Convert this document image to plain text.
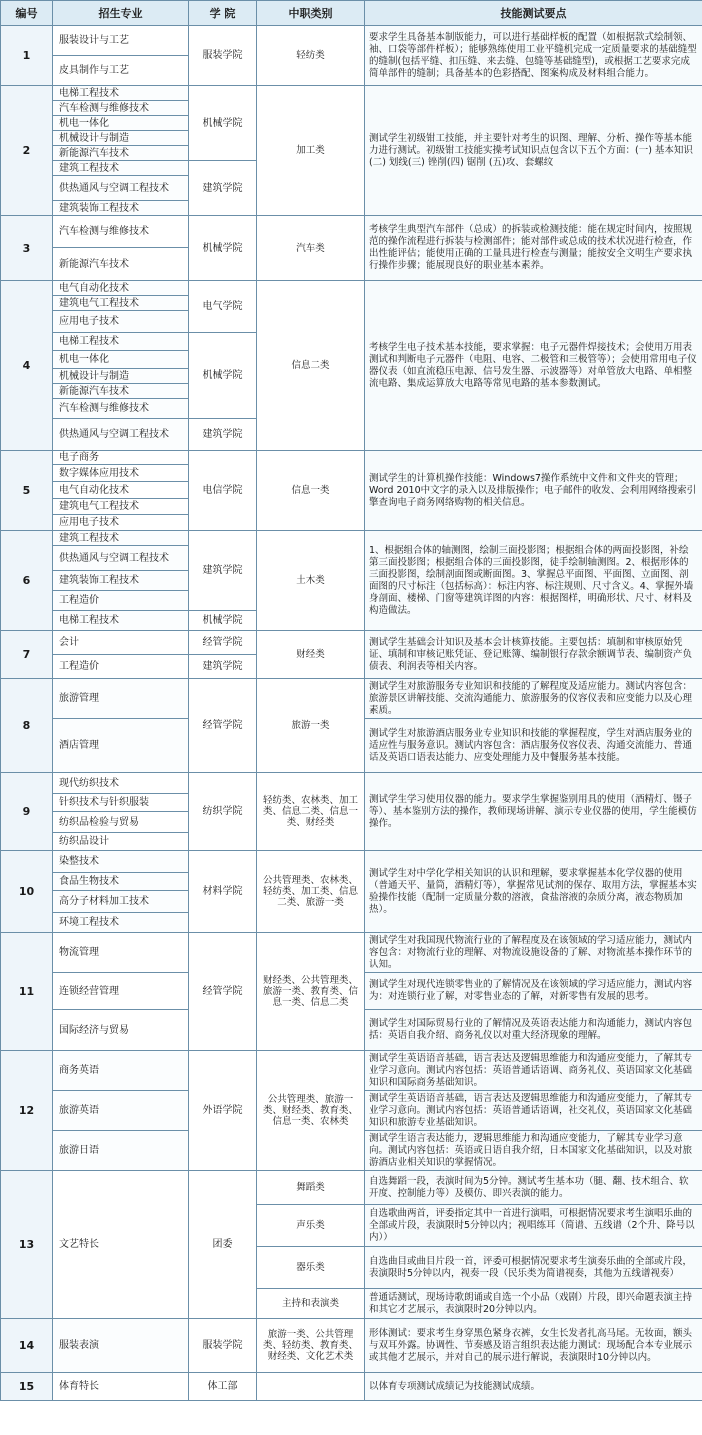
编号	招生专业	学 院	中职类别	技能测试要点
1	服装设计与工艺	服装学院	轻纺类	要求学生具备基本制版能力，可以进行基础样板的配置（如根据款式绘制领、袖、口袋等部件样板）；能够熟练使用工业平缝机完成一定质量要求的基础缝型的缝制(包括平缝、扣压缝、来去缝、包缝等基础缝型)，或根据工艺要求完成简单部件的缝制；具备基本的色彩搭配、图案构成及材料组合能力。
	皮具制作与工艺			
2	电梯工程技术	机械学院	加工类	测试学生初级钳工技能，并主要针对考生的识图、理解、分析、操作等基本能力进行测试。初级钳工技能实操考试知识点包含以下五个方面：(一) 基本知识(二) 划线(三) 锉削(四) 锯削 (五)攻、套螺纹
	汽车检测与维修技术			
	机电一体化			
	机械设计与制造			
	新能源汽车技术			
	建筑工程技术	建筑学院		
	供热通风与空调工程技术			
	建筑装饰工程技术			
3	汽车检测与维修技术	机械学院	汽车类	考核学生典型汽车部件（总成）的拆装或检测技能：能在规定时间内，按照规范的操作流程进行拆装与检测部件；能对部件或总成的技术状况进行检查，作出性能评估；能使用正确的工量具进行检查与测量；能按安全文明生产要求执行操作步骤；能展现良好的职业基本素养。
	新能源汽车技术			
4	电气自动化技术	电气学院	信息二类	考核学生电子技术基本技能，要求掌握：电子元器件焊接技术；会使用万用表测试和判断电子元器件（电阻、电容、二极管和三极管等）；会使用常用电子仪器仪表（如直流稳压电源、信号发生器、示波器等）对单管放大电路、单相整流电路、集成运算放大电路等常见电路的基本参数测试。
	建筑电气工程技术			
	应用电子技术			
	电梯工程技术	机械学院		
	机电一体化			
	机械设计与制造			
	新能源汽车技术			
	汽车检测与维修技术			
	供热通风与空调工程技术	建筑学院		
5	电子商务	电信学院	信息一类	测试学生的计算机操作技能：Windows7操作系统中文件和文件夹的管理；Word 2010中文字的录入以及排版操作；电子邮件的收发、会利用网络搜索引擎查询电子商务网络购物的相关信息。
	数字媒体应用技术			
	电气自动化技术			
	建筑电气工程技术			
	应用电子技术			
6	建筑工程技术	建筑学院	土木类	1、根据组合体的轴测图，绘制三面投影图；根据组合体的两面投影图，补绘第三面投影图；根据组合体的三面投影图，徒手绘制轴测图。2、根据形体的三面投影图，绘制剖面图或断面图。3、掌握总平面图、平面图、立面图、剖面图的尺寸标注（包括标高）：标注内容、标注规则、尺寸含义。4、掌握外墙身剖面、楼梯、门窗等建筑详图的内容：根据图样，明确形状、尺寸、材料及构造做法。
	供热通风与空调工程技术			
	建筑装饰工程技术			
	工程造价			
	电梯工程技术	机械学院		
7	会计	经管学院	财经类	测试学生基础会计知识及基本会计核算技能。主要包括：填制和审核原始凭证、填制和审核记账凭证、登记账簿、编制银行存款余额调节表、编制资产负债表、利润表等相关内容。
	工程造价	建筑学院		
8	旅游管理	经管学院	旅游一类	测试学生对旅游服务专业知识和技能的了解程度及适应能力。测试内容包含：旅游景区讲解技能、交流沟通能力、旅游服务的仪容仪表和应变能力以及心理素质。
	酒店管理			测试学生对旅游酒店服务业专业知识和技能的掌握程度，学生对酒店服务业的适应性与服务意识。测试内容包含：酒店服务仪容仪表、沟通交流能力、普通话及英语口语表达能力、应变处理能力及中餐服务基本技能。
9	现代纺织技术	纺织学院	轻纺类、农林类、加工类、信息二类、信息一类、财经类	测试学生学习使用仪器的能力。要求学生掌握鉴别用具的使用（酒精灯、镊子等）、基本鉴别方法的操作，教师现场讲解、演示专业仪器的使用，学生能模仿操作。
	针织技术与针织服装			
	纺织品检验与贸易			
	纺织品设计			
10	染整技术	材料学院	公共管理类、农林类、轻纺类、加工类、信息二类、旅游一类	测试学生对中学化学相关知识的认识和理解，要求掌握基本化学仪器的使用（普通天平、量筒，酒精灯等），掌握常见试剂的保存、取用方法，掌握基本实验操作技能（配制一定质量分数的溶液，食盐溶液的杂质分离，液态物质加热）。
	食品生物技术			
	高分子材料加工技术			
	环境工程技术			
11	物流管理	经管学院	财经类、公共管理类、旅游一类、教育类、信息一类、信息二类	测试学生对我国现代物流行业的了解程度及在该领域的学习适应能力，测试内容包含：对物流行业的理解、对物流设施设备的了解、对物流基本操作环节的认知。
	连锁经营管理			测试学生对现代连锁零售业的了解情况及在该领域的学习适应能力，测试内容为：对连锁行业了解，对零售业态的了解，对新零售有发展的思考。
	国际经济与贸易			测试学生对国际贸易行业的了解情况及英语表达能力和沟通能力，测试内容包括：英语自我介绍、商务礼仪以对重大经济现象的理解。
12	商务英语	外语学院	公共管理类、旅游一类、财经类、教育类、信息一类、农林类	测试学生英语语音基础，语言表达及逻辑思维能力和沟通应变能力，了解其专业学习意向。测试内容包括：英语普通话语调、商务礼仪、英语国家文化基础知识和国际商务基础知识。
	旅游英语			测试学生英语语音基础，语言表达及逻辑思维能力和沟通应变能力，了解其专业学习意向。测试内容包括：英语普通话语调，社交礼仪，英语国家文化基础知识和旅游专业基础知识。
	旅游日语			测试学生语言表达能力，逻辑思维能力和沟通应变能力，了解其专业学习意向。测试内容包括：英语或日语自我介绍，日本国家文化基础知识，以及对旅游酒店业相关知识的掌握情况。
13	文艺特长	团委	舞蹈类	自选舞蹈一段，表演时间为5分钟。测试考生基本功（腿、翻、技术组合、软开度、控制能力等）及模仿、即兴表演的能力。
			声乐类	自选歌曲两首，评委指定其中一首进行演唱，可根据情况要求考生演唱乐曲的全部或片段，表演限时5分钟以内；视唱练耳（简谱、五线谱（2个升、降号以内））
			器乐类	自选曲目或曲目片段一首，评委可根据情况要求考生演奏乐曲的全部或片段，表演限时5分钟以内，视奏一段（民乐类为简谱视奏，其他为五线谱视奏）
			主持和表演类	普通话测试，现场诗歌朗诵或自选一个小品（戏剧）片段，即兴命题表演主持和其它才艺展示，表演限时20分钟以内。
14	服装表演	服装学院	旅游一类、公共管理类、轻纺类、教育类、财经类、文化艺术类	形体测试：要求考生身穿黑色紧身衣裤，女生长发者扎高马尾。无妆面，额头与双耳外露。协调性、节奏感及语言组织表达能力测试：现场配合本专业展示或其他才艺展示，并对自己的展示进行解说，表演限时10分钟以内。
15	体育特长	体工部		以体育专项测试成绩记为技能测试成绩。
